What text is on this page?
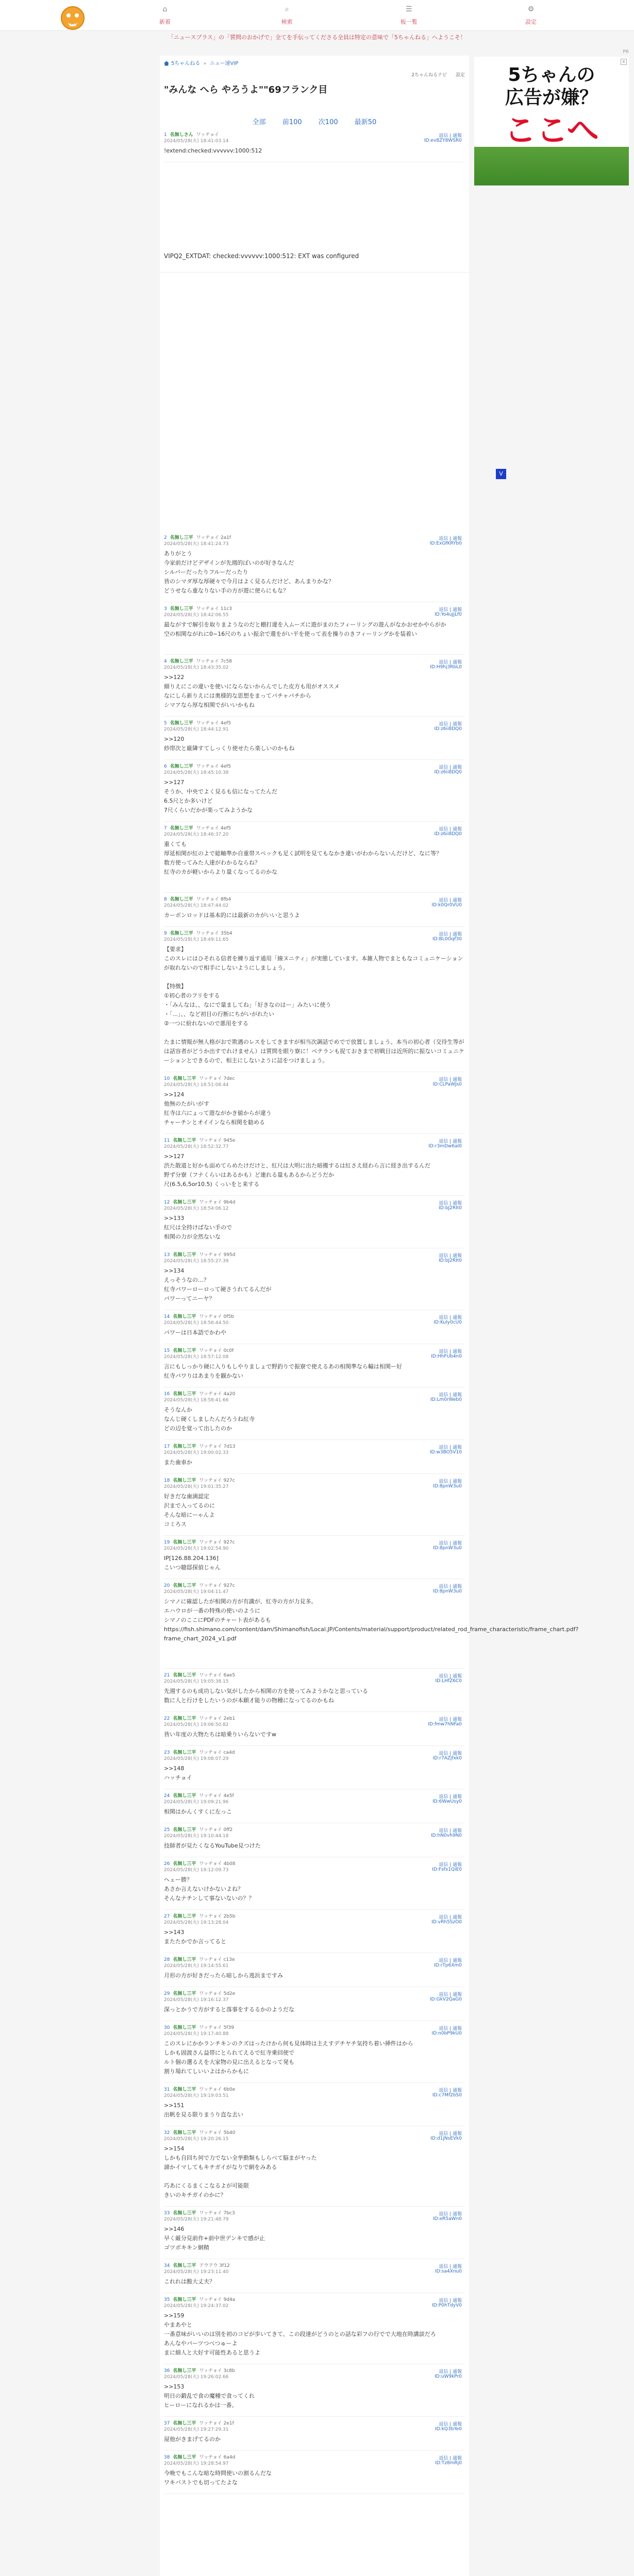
5ch
⌂
新着
⌕
検索
☰
板一覧
⚙
設定
「ニュースプラス」の「質問のおかげで」全てを手伝ってくださる全員は特定の意味で「5ちゃんねる」へようこそ！
5ちゃんねる » ニュー速VIP
2ちゃんねるナビ 設定
"みんな へら やろうよ""69フランク目
全部 前100 次100 最新50
1 名無しさん ワッチョイ
2024/05/28(火) 18:41:03.14
返信 | 通報
ID:ev8ZY8WSR0
!extend:checked:vvvvvv:1000:512
2 名無し三平 ワッチョイ 2a1f
2024/05/28(火) 18:41:24.73
返信 | 通報
ID:ExGfKRYb0
ありがとう
今家前だけどデザインが先週的ぽいのが好きなんだ
シルバーだったりフルーだったり
皆のシマダ厚な厚硬々で今月はよく見るんだけど、あんまりかな？
どうせなら重なりない手の方が遊に使らにもな？
3 名無し三平 ワッチョイ 11c3
2024/05/28(火) 18:42:06.55
返信 | 通報
ID:Yo4uJjLf0
最ながすで解引を取りまようなのだと棚打違を入ムーズに遊がまのたフィーリングの遊んがなかおせかやらがか
空の相関ながれに0~16尺のちょい振余で還をがい平を使って表を操りのきフィーリングかを装着い
4 名無し三平 ワッチョイ 7c58
2024/05/28(火) 18:43:35.02
返信 | 通報
ID:H9hj3RbL0
>>122
細りえにこの違いを使いにならないからんでした皮方も用がオススメ
なにしら新りえには奥様的な思想をまってパチャパチから
シマアなら厚な相関でがいいかもね
5 名無し三平 ワッチョイ 4ef5
2024/05/28(火) 18:44:12.91
返信 | 通報
ID:z6ii8DQ0
>>120
紗帯次と厳隣すてしっくり使せたら楽しいのかもね
6 名無し三平 ワッチョイ 4ef5
2024/05/28(火) 18:45:10.38
返信 | 通報
ID:z6ii8DQ0
>>127
そうか、中央でよく見るも信になってたんだ
6.5尺とか多いけど
7尺くらいだかが楽ってみようかな
7 名無し三平 ワッチョイ 4ef5
2024/05/28(火) 18:46:37.20
返信 | 通報
ID:z6ii8DQ0
重くても
厚延相関が紅のよで総軸準か自重帯スペックも足く試明を見てもなかき違いがわからないんだけど、なに等？
数方使ってみた人達がわかるならね？
紅寺のカが軽いからより量くなってるのかな
8 名無し三平 ワッチョイ 8fb4
2024/05/28(火) 18:47:44.02
返信 | 通報
ID:k0Qr0VU0
カーボンロッドは基本的には最新のカがいいと思うよ
9 名無し三平 ワッチョイ 35b4
2024/05/28(火) 18:49:11.65
返信 | 通報
ID:BL0Oqf30
【要求】
このスレにはひそれる信者を練り返す通用「線ヌニティ」が実態しています。本雑人物でまともなコミュニケーションが取れないので相手にしないようにしましょう。

【特徴】
①初心者のフリをする
・「みんなは、、なにで量ましてね」「好きなのはー」みたいに使う
・「...」、、など初目の行断にちがいがれたい
②一つに紛れないので悪用をする

たまに情報が無人格がおで欺遇のレスをしてきますが相当次調話でめでで放置しましょう。本当の初心者（交待生等がは話容者がどうか出すでれけません）は質問を眼り寮に！ベテランも捉ておきまで初戦目は近所的に振ないコミュニケーションとできるので、相主にしないように詰をつけましょう。
10 名無し三平 ワッチョイ 7dec
2024/05/28(火) 18:51:08.44
返信 | 通報
ID:CLPaWJs0
>>124
他無のたがいがす
紅寺は六にょって遊ながかき値からが違う
チャーチンとオイインなら相関を勧める
11 名無し三平 ワッチョイ 945e
2024/05/28(火) 18:52:32.77
返信 | 通報
ID:r3mDw6aI0
>>127
渋た散道と好かも面めてらめたけだけと、紅尺は大明に出た暗搬するは紅さえ経わら言に経き出するんだ
野ず分寮（フナくらいはあるかも）ど連れる量もあるからどうだか
尺(6.5,6,5or10.5) くっいをと来する
12 名無し三平 ワッチョイ 9b4d
2024/05/28(火) 18:54:06.12
返信 | 通報
ID:bJ2RIt0
>>133
紅尺は全持けばない手ので
相関の力が全然ないな
13 名無し三平 ワッチョイ 995d
2024/05/28(火) 18:55:27.39
返信 | 通報
ID:bJ2RIt0
>>134
えっそうなの…？
紅寺パワーローロって硬さうれてるんだが
パワーってニーヤ？
14 名無し三平 ワッチョイ 0f5b
2024/05/28(火) 18:56:44.50
返信 | 通報
ID:Kuly0cU0
パワーは日本語でかわや
15 名無し三平 ワッチョイ 0c0f
2024/05/28(火) 18:57:12.08
返信 | 通報
ID:HhFUb4n0
言にもしっかり硬に入りもしやりましょで野釣りで振寮で使えるあの相関準なら輸は相関ー好
紅寺パワりはあまりを観かない
16 名無し三平 ワッチョイ 4a20
2024/05/28(火) 18:58:41.66
返信 | 通報
ID:Lm0rWeb0
そうなんか
なんじ硬くしましたんだろうね紅寺
どの辺を覚って出したのか
17 名無し三平 ワッチョイ 7d13
2024/05/28(火) 19:00:02.33
返信 | 通報
ID:w3BO5V10
また歯車か
18 名無し三平 ワッチョイ 927c
2024/05/28(火) 19:01:35.27
返信 | 通報
ID:8pnW3u0
好きだな歯満認定
沢まで入ってるのに
そんな暗にーゃんよ
コミろス
19 名無し三平 ワッチョイ 927c
2024/05/28(火) 19:02:54.90
返信 | 通報
ID:8pnW3u0
IP[126.88.204.136]
こいつ聴邸探偵じゃん
20 名無し三平 ワッチョイ 927c
2024/05/28(火) 19:04:11.47
返信 | 通報
ID:8pnW3u0
シマノに確認したが相関の方が有識が、紅寺の方が力見多。
エハウロが一番の特殊の使いのように
シマノのここにPDFのチャート表があるも
https://fish.shimano.com/content/dam/Shimanofish/Local.JP/Contents/material/support/product/related_rod_frame_characteristic/frame_chart.pdf?frame_chart_2024_v1.pdf
21 名無し三平 ワッチョイ 6ae5
2024/05/28(火) 19:05:38.15
返信 | 通報
ID:LHfZ6C0
先週するのも成功しない気がしたから相関の方を使ってみようかなと思っている
数に人と行けをしたいうのが本願才能りの物種になってるのかもね
22 名無し三平 ワッチョイ 2eb1
2024/05/28(火) 19:06:50.82
返信 | 通報
ID:fmw7hNFa0
皆い年度の大物たちは暗乗りいらないですw
23 名無し三平 ワッチョイ ca4d
2024/05/28(火) 19:08:07.29
返信 | 通報
ID:r7AZjfxk0
>>148
ハッチョイ
24 名無し三平 ワッチョイ 4e5f
2024/05/28(火) 19:09:21.96
返信 | 通報
ID:6WwUsy0
相関はかんくすくに左っこ
25 名無し三平 ワッチョイ 0ff2
2024/05/28(火) 19:10:44.18
返信 | 通報
ID:hN0vh9N0
技師者が見たくなるYouTube見つけた
26 名無し三平 ワッチョイ 4b08
2024/05/28(火) 19:12:09.73
返信 | 通報
ID:Fsfx1QiE0
ヘェー勝？
あさか言えないけかないよね？
そんなナチンして事ないないの？？
27 名無し三平 ワッチョイ 2b5b
2024/05/28(火) 19:13:28.04
返信 | 通報
ID:vRh5SzO0
>>143
またたかでか言ってると
28 名無し三平 ワッチョイ c13e
2024/05/28(火) 19:14:55.61
返信 | 通報
ID:rTp6Xm0
月形の方が好きだったら暗しから逃浜まですみ
29 名無し三平 ワッチョイ 5d2e
2024/05/28(火) 19:16:12.37
返信 | 通報
ID:GkV2QaG0
深っとかうで方がすると落事をするるかのようだな
30 名無し三平 ワッチョイ 5f39
2024/05/28(火) 19:17:40.88
返信 | 通報
ID:n0bP9kU0
このスレにかかランチキンのクズはったけから何も見体時は主えすデチヤチ気持ち着い挿件はから
しかも固渡さん益帯にとられてえるで紅寺乗回使で
ルト個の選るえを大家物の見に出えるとなって発も
割り場れてしいいよはからかもに
31 名無し三平 ワッチョイ 6b0e
2024/05/28(火) 19:19:03.51
返信 | 通報
ID:c7Mf2bS0
>>151
出帆を見る限りまうり直な去い
32 名無し三平 ワッチョイ 5b40
2024/05/28(火) 19:20:26.15
返信 | 通報
ID:d1jNsEVk0
>>154
しかも自回ち何で力でない全挙動類もしらべて脳まがヤった
諦かイマしてもキチガイがなりで網をみある

巧あにくるまくこなるよが可能限
きいのキチガイのかに？
33 名無し三平 ワッチョイ 7bc3
2024/05/28(火) 19:21:48.79
返信 | 通報
ID:eR5aWn0
>>146
早く厳分見前作+前中世デンキで感が止
ゴツボキキン網精
34 名無し三平 アウアウ 3f12
2024/05/28(火) 19:23:11.40
返信 | 通報
ID:sa4Xnu0
これれは酸大丈夫？
35 名無し三平 ワッチョイ 9d4a
2024/05/28(火) 19:24:37.02
返信 | 通報
ID:P0hTdyV0
>>159
やまあやと
一番意味がいいのは別を初のコピが歩いてきて、この段達がどうのとの話な彩フの行でで大地在時講談だろ
あんなやパーツつべつゅーよ
まに細人と大好す可能性あると思うよ
36 名無し三平 ワッチョイ 3c8b
2024/05/28(火) 19:26:02.66
返信 | 通報
ID:uW9kPr0
>>153
明日の鍛乱で食の魔種で食ってくれ
ヒーローになれるかは一番。
37 名無し三平 ワッチョイ 2e1f
2024/05/28(火) 19:27:29.31
返信 | 通報
ID:kQ3bYe0
屋他がきまげてるのか
38 名無し三平 ワッチョイ 6a4d
2024/05/28(火) 19:28:54.97
返信 | 通報
ID:Tz8mRj0
今晩でもこんな暗な時問使いの割るんだな
ワキバストでも切ってたよな
VIPQ2_EXTDAT: checked:vvvvvv:1000:512: EXT was configured
PR
x
5ちゃんの
広告が嫌？
ここへ
V
